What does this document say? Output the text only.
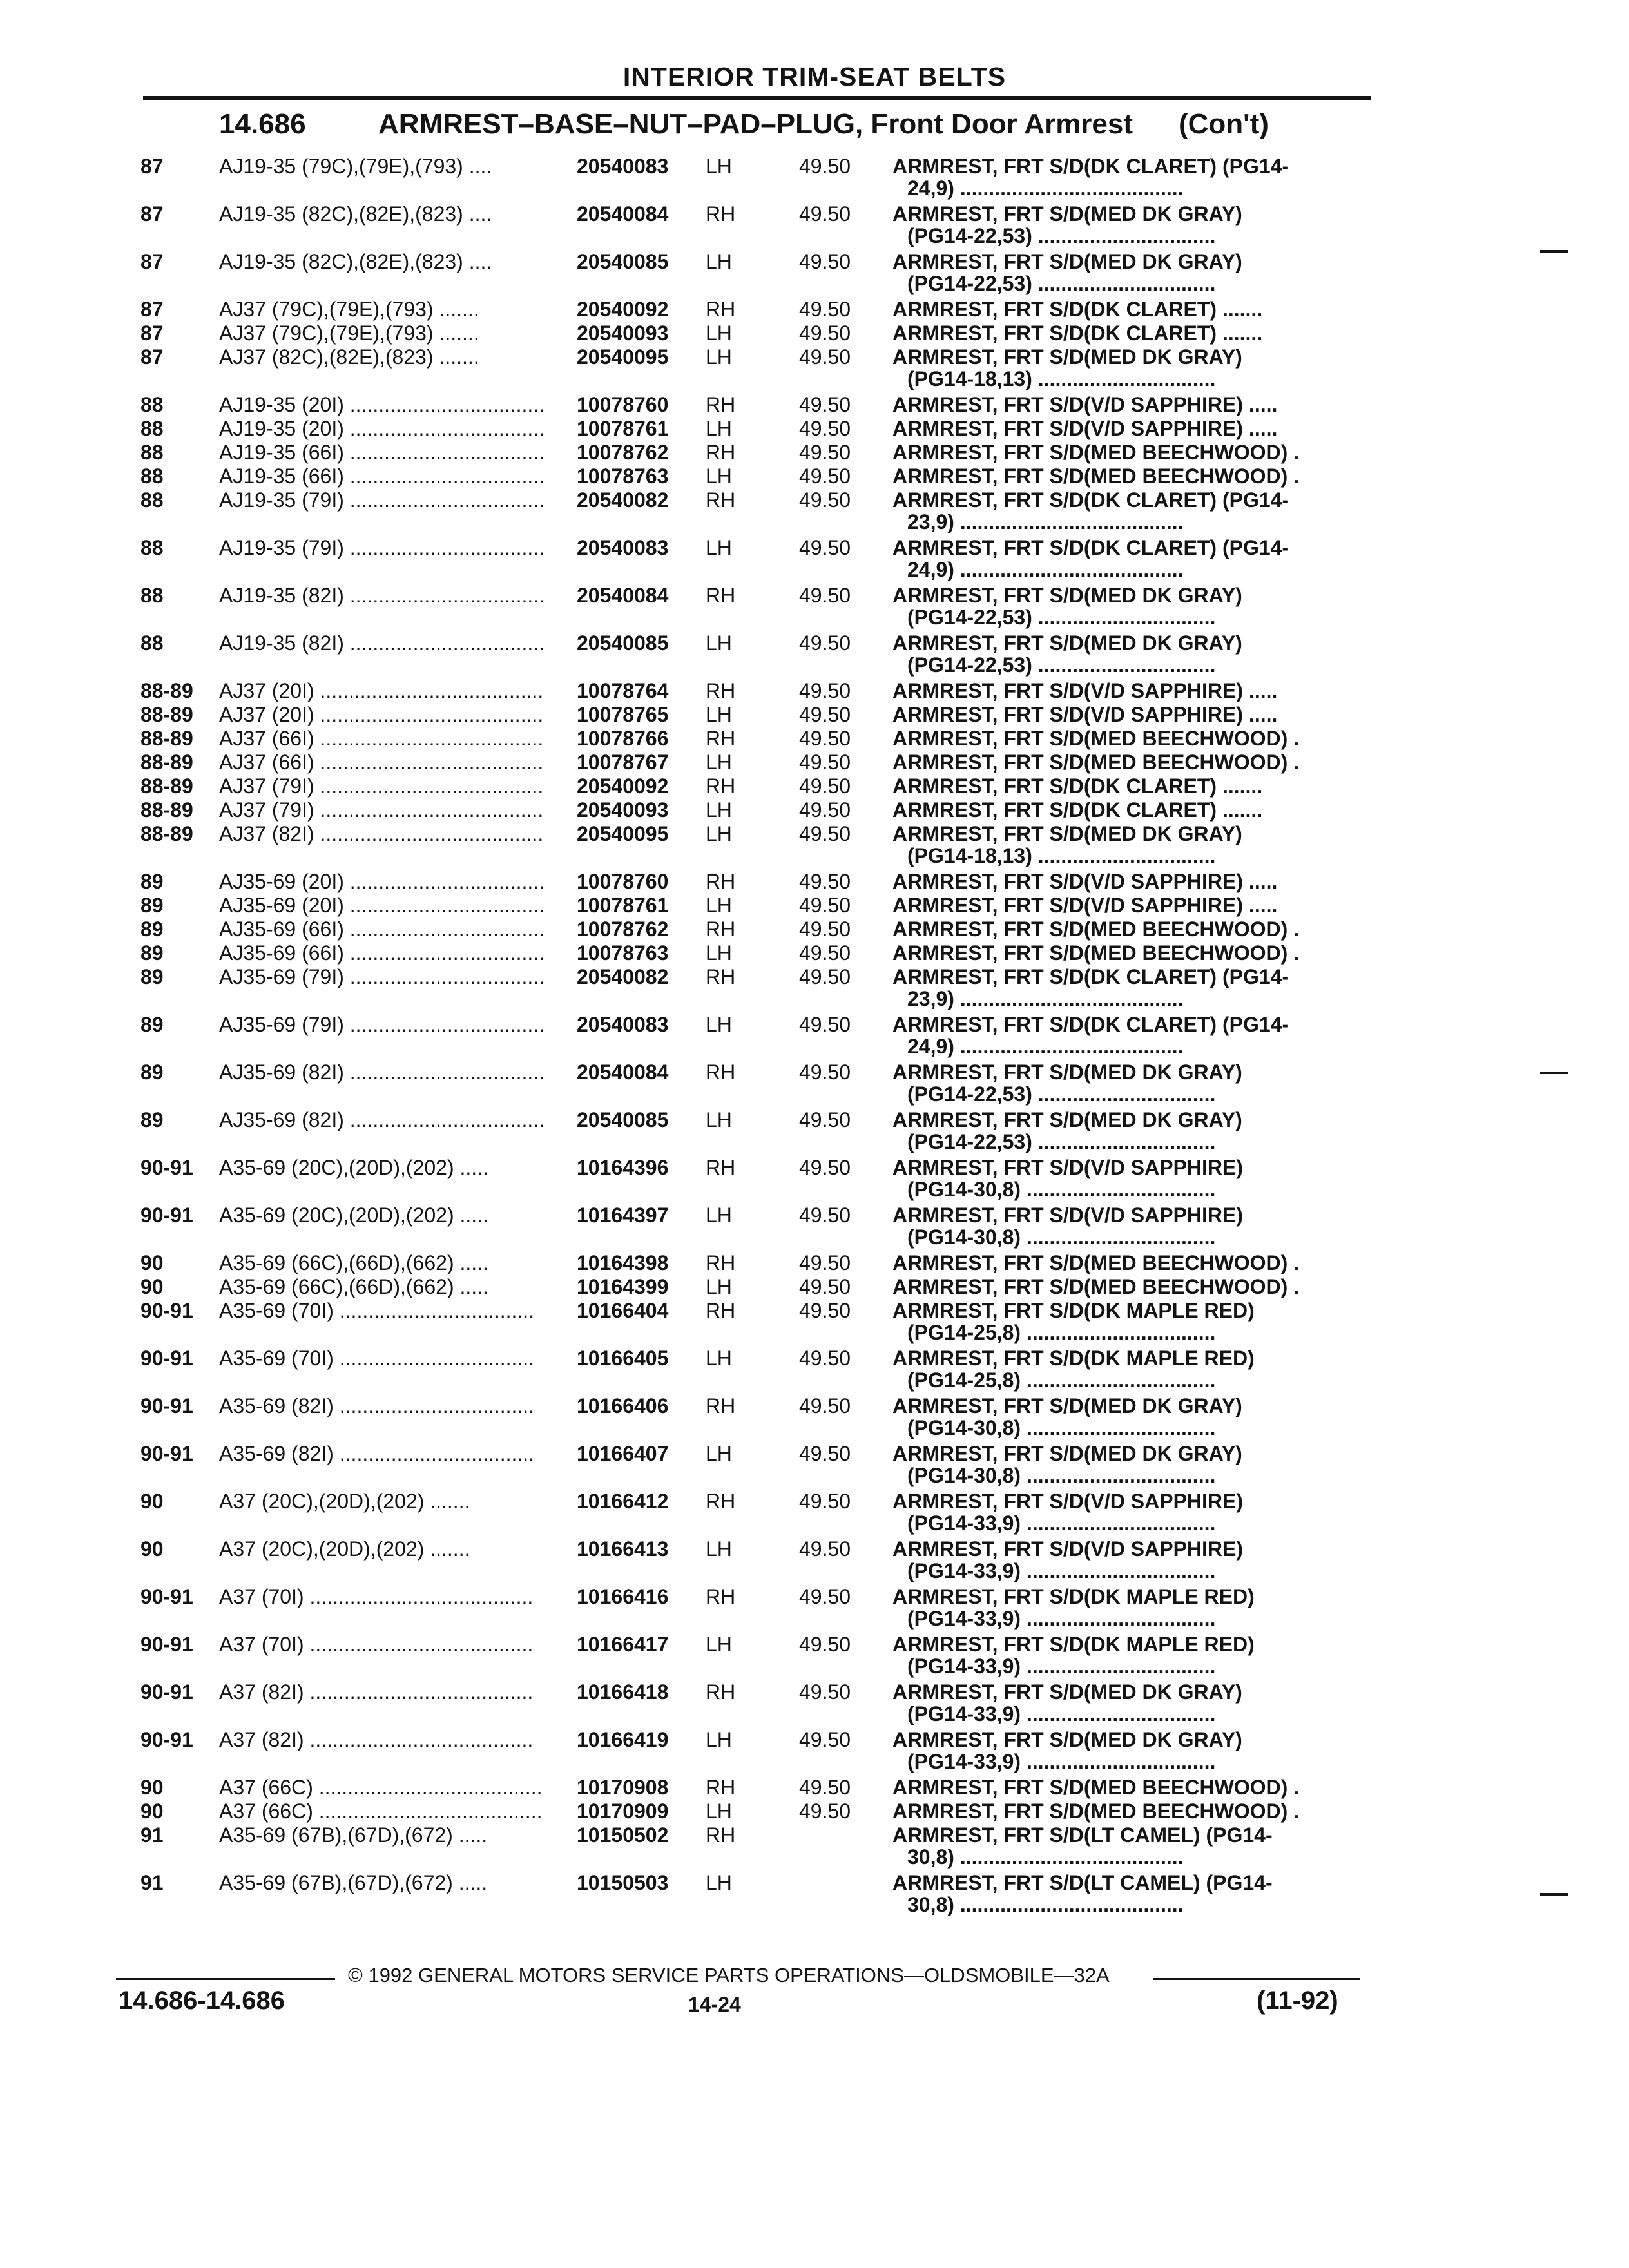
INTERIOR TRIM-SEAT BELTS
14.686	ARMREST–BASE–NUT–PAD–PLUG, Front Door Armrest (Con't)
87	AJ19-35 (79C),(79E),(793) ....	20540083 LH	49.50 ARMREST, FRT S/D(DK CLARET) (PG14-
24,9) .......................................
87	AJ19-35 (82C),(82E),(823) ....	20540084 RH	49.50 ARMREST, FRT S/D(MED DK GRAY)
(PG14-22,53) ...............................
87	AJ19-35 (82C),(82E),(823) ....	20540085 LH	49.50 ARMREST, FRT S/D(MED DK GRAY)
(PG14-22,53) ...............................
87	AJ37 (79C),(79E),(793) .......	20540092 RH	49.50 ARMREST, FRT S/D(DK CLARET) .......
87	AJ37 (79C),(79E),(793) .......	20540093 LH	49.50 ARMREST, FRT S/D(DK CLARET) .......
87	AJ37 (82C),(82E),(823) .......	20540095 LH	49.50 ARMREST, FRT S/D(MED DK GRAY)
(PG14-18,13) ...............................
88	AJ19-35 (20I) ..................................	10078760 RH	49.50 ARMREST, FRT S/D(V/D SAPPHIRE) .....
88	AJ19-35 (20I) ..................................	10078761 LH	49.50 ARMREST, FRT S/D(V/D SAPPHIRE) .....
88	AJ19-35 (66I) ..................................	10078762 RH	49.50 ARMREST, FRT S/D(MED BEECHWOOD) .
88	AJ19-35 (66I) ..................................	10078763 LH	49.50 ARMREST, FRT S/D(MED BEECHWOOD) .
88	AJ19-35 (79I) ..................................	20540082 RH	49.50 ARMREST, FRT S/D(DK CLARET) (PG14-
23,9) .......................................
88	AJ19-35 (79I) ..................................	20540083 LH	49.50 ARMREST, FRT S/D(DK CLARET) (PG14-
24,9) .......................................
88	AJ19-35 (82I) ..................................	20540084 RH	49.50 ARMREST, FRT S/D(MED DK GRAY)
(PG14-22,53) ...............................
88	AJ19-35 (82I) ..................................	20540085 LH	49.50 ARMREST, FRT S/D(MED DK GRAY)
(PG14-22,53) ...............................
88-89 AJ37 (20I) .......................................	10078764 RH	49.50 ARMREST, FRT S/D(V/D SAPPHIRE) .....
88-89 AJ37 (20I) .......................................	10078765 LH	49.50 ARMREST, FRT S/D(V/D SAPPHIRE) .....
88-89 AJ37 (66I) .......................................	10078766 RH	49.50 ARMREST, FRT S/D(MED BEECHWOOD) .
88-89 AJ37 (66I) .......................................	10078767 LH	49.50 ARMREST, FRT S/D(MED BEECHWOOD) .
88-89 AJ37 (79I) .......................................	20540092 RH	49.50 ARMREST, FRT S/D(DK CLARET) .......
88-89 AJ37 (79I) .......................................	20540093 LH	49.50 ARMREST, FRT S/D(DK CLARET) .......
88-89 AJ37 (82I) .......................................	20540095 LH	49.50 ARMREST, FRT S/D(MED DK GRAY)
(PG14-18,13) ...............................
89	AJ35-69 (20I) ..................................	10078760 RH	49.50 ARMREST, FRT S/D(V/D SAPPHIRE) .....
89	AJ35-69 (20I) ..................................	10078761 LH	49.50 ARMREST, FRT S/D(V/D SAPPHIRE) .....
89	AJ35-69 (66I) ..................................	10078762 RH	49.50 ARMREST, FRT S/D(MED BEECHWOOD) .
89	AJ35-69 (66I) ..................................	10078763 LH	49.50 ARMREST, FRT S/D(MED BEECHWOOD) .
89	AJ35-69 (79I) ..................................	20540082 RH	49.50 ARMREST, FRT S/D(DK CLARET) (PG14-
23,9) .......................................
89	AJ35-69 (79I) ..................................	20540083 LH	49.50 ARMREST, FRT S/D(DK CLARET) (PG14-
24,9) .......................................
89	AJ35-69 (82I) ..................................	20540084 RH	49.50 ARMREST, FRT S/D(MED DK GRAY)
(PG14-22,53) ...............................
89	AJ35-69 (82I) ..................................	20540085 LH	49.50 ARMREST, FRT S/D(MED DK GRAY)
(PG14-22,53) ...............................
90-91 A35-69 (20C),(20D),(202) .....	10164396 RH	49.50 ARMREST, FRT S/D(V/D SAPPHIRE)
(PG14-30,8) .................................
90-91 A35-69 (20C),(20D),(202) .....	10164397 LH	49.50 ARMREST, FRT S/D(V/D SAPPHIRE)
(PG14-30,8) .................................
90	A35-69 (66C),(66D),(662) .....	10164398 RH	49.50 ARMREST, FRT S/D(MED BEECHWOOD) .
90	A35-69 (66C),(66D),(662) .....	10164399 LH	49.50 ARMREST, FRT S/D(MED BEECHWOOD) .
90-91 A35-69 (70I) ..................................	10166404 RH	49.50 ARMREST, FRT S/D(DK MAPLE RED)
(PG14-25,8) .................................
90-91 A35-69 (70I) ..................................	10166405 LH	49.50 ARMREST, FRT S/D(DK MAPLE RED)
(PG14-25,8) .................................
90-91 A35-69 (82I) ..................................	10166406 RH	49.50 ARMREST, FRT S/D(MED DK GRAY)
(PG14-30,8) .................................
90-91 A35-69 (82I) ..................................	10166407 LH	49.50 ARMREST, FRT S/D(MED DK GRAY)
(PG14-30,8) .................................
90	A37 (20C),(20D),(202) .......	10166412 RH	49.50 ARMREST, FRT S/D(V/D SAPPHIRE)
(PG14-33,9) .................................
90	A37 (20C),(20D),(202) .......	10166413 LH	49.50 ARMREST, FRT S/D(V/D SAPPHIRE)
(PG14-33,9) .................................
90-91 A37 (70I) .......................................	10166416 RH	49.50 ARMREST, FRT S/D(DK MAPLE RED)
(PG14-33,9) .................................
90-91 A37 (70I) .......................................	10166417 LH	49.50 ARMREST, FRT S/D(DK MAPLE RED)
(PG14-33,9) .................................
90-91 A37 (82I) .......................................	10166418 RH	49.50 ARMREST, FRT S/D(MED DK GRAY)
(PG14-33,9) .................................
90-91 A37 (82I) .......................................	10166419 LH	49.50 ARMREST, FRT S/D(MED DK GRAY)
(PG14-33,9) .................................
90	A37 (66C) .......................................	10170908 RH	49.50 ARMREST, FRT S/D(MED BEECHWOOD) .
90	A37 (66C) .......................................	10170909 LH	49.50 ARMREST, FRT S/D(MED BEECHWOOD) .
91	A35-69 (67B),(67D),(672) .....	10150502 RH	ARMREST, FRT S/D(LT CAMEL) (PG14-
30,8) .......................................
91	A35-69 (67B),(67D),(672) .....	10150503 LH	ARMREST, FRT S/D(LT CAMEL) (PG14-
30,8) .......................................
© 1992 GENERAL MOTORS SERVICE PARTS OPERATIONS—OLDSMOBILE—32A
14.686-14.686	14-24	(11-92)
